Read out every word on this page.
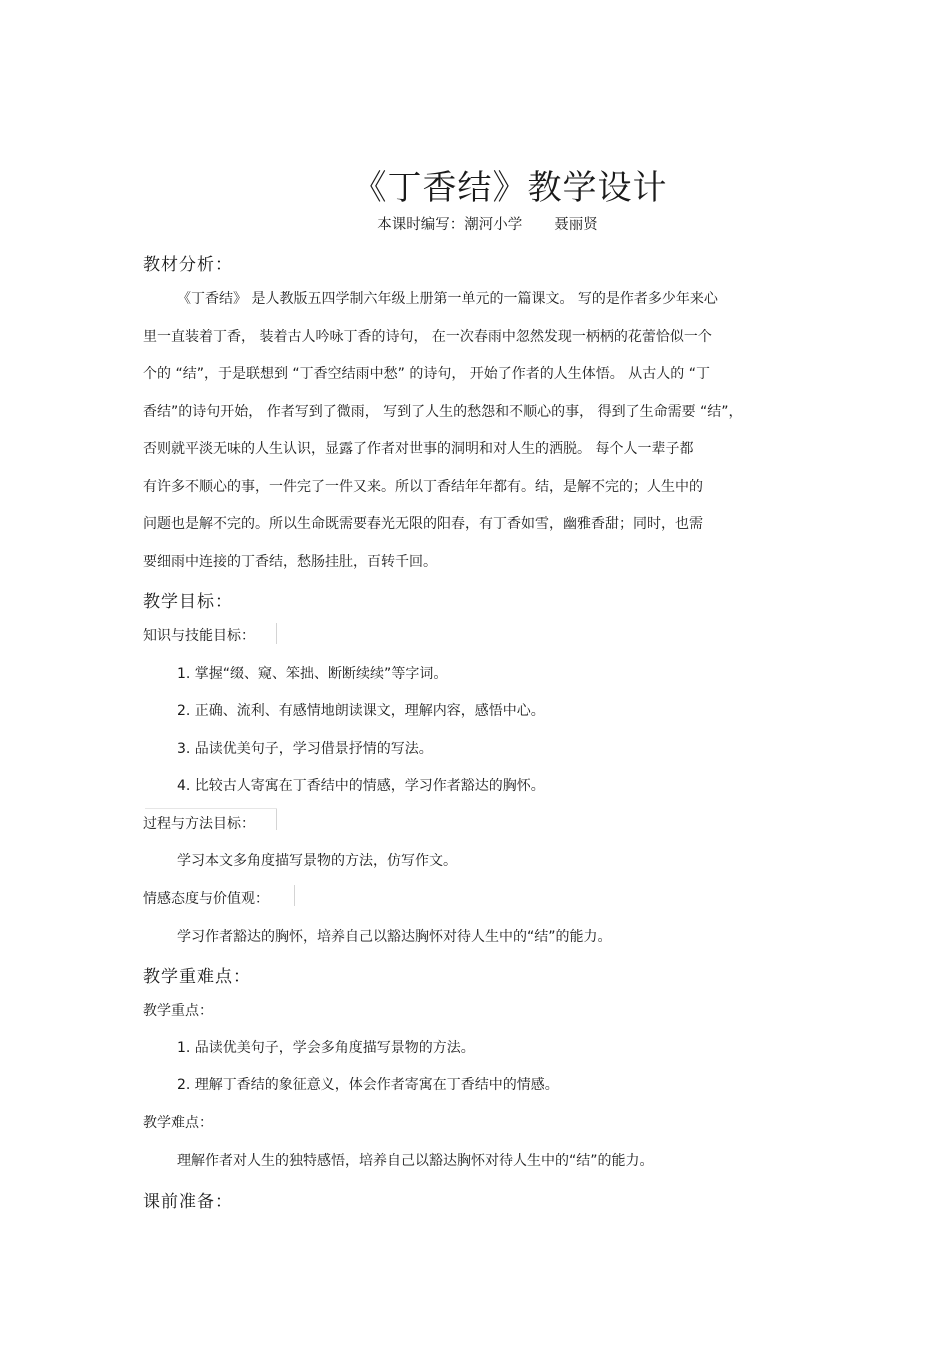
《丁香结》教学设计
本课时编写：潮河小学 聂丽贤
教材分析：
《丁香结》 是人教版五四学制六年级上册第一单元的一篇课文。 写的是作者多少年来心
里一直装着丁香， 装着古人吟咏丁香的诗句， 在一次春雨中忽然发现一柄柄的花蕾恰似一个
个的 “结”，于是联想到 “丁香空结雨中愁” 的诗句， 开始了作者的人生体悟。 从古人的 “丁
香结”的诗句开始， 作者写到了微雨， 写到了人生的愁怨和不顺心的事， 得到了生命需要 “结”，
否则就平淡无味的人生认识，显露了作者对世事的洞明和对人生的洒脱。 每个人一辈子都
有许多不顺心的事，一件完了一件又来。所以丁香结年年都有。结，是解不完的；人生中的
问题也是解不完的。所以生命既需要春光无限的阳春，有丁香如雪，幽雅香甜；同时，也需
要细雨中连接的丁香结，愁肠挂肚，百转千回。
教学目标：
知识与技能目标：
1. 掌握“缀、窥、笨拙、断断续续”等字词。
2. 正确、流利、有感情地朗读课文，理解内容，感悟中心。
3. 品读优美句子，学习借景抒情的写法。
4. 比较古人寄寓在丁香结中的情感，学习作者豁达的胸怀。
过程与方法目标：
学习本文多角度描写景物的方法，仿写作文。
情感态度与价值观：
学习作者豁达的胸怀，培养自己以豁达胸怀对待人生中的“结”的能力。
教学重难点：
教学重点：
1. 品读优美句子，学会多角度描写景物的方法。
2. 理解丁香结的象征意义，体会作者寄寓在丁香结中的情感。
教学难点：
理解作者对人生的独特感悟，培养自己以豁达胸怀对待人生中的“结”的能力。
课前准备：
